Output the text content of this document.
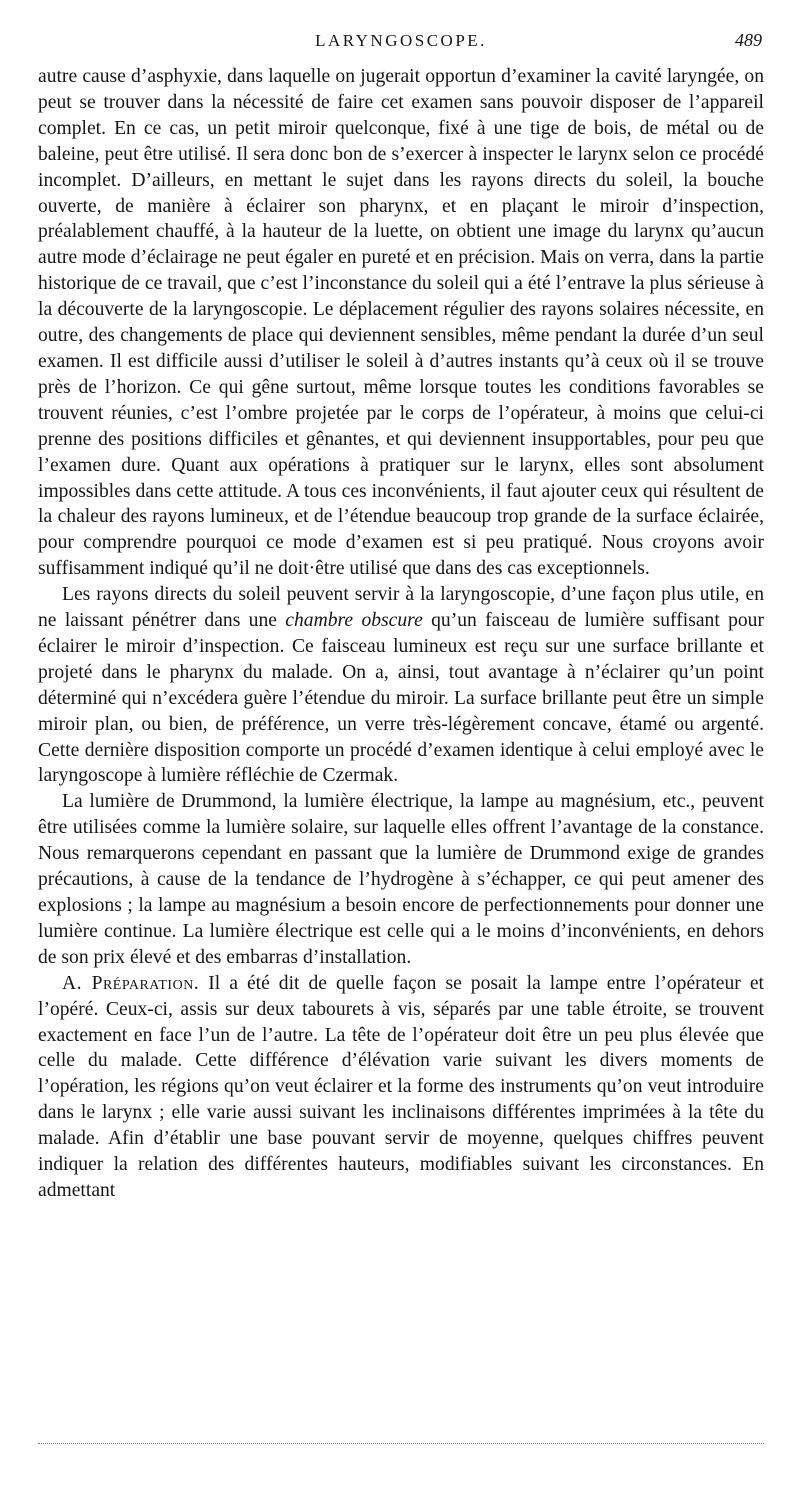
LARYNGOSCOPE.	489

autre cause d’asphyxie, dans laquelle on jugerait opportun d’examiner la cavité laryngée, on peut se trouver dans la nécessité de faire cet examen sans pouvoir disposer de l’appareil complet. En ce cas, un petit miroir quelconque, fixé à une tige de bois, de métal ou de baleine, peut être utilisé. Il sera donc bon de s’exercer à inspecter le larynx selon ce procédé incomplet. D’ailleurs, en mettant le sujet dans les rayons directs du soleil, la bouche ouverte, de manière à éclairer son pharynx, et en plaçant le miroir d’inspection, préalablement chauffé, à la hauteur de la luette, on obtient une image du larynx qu’aucun autre mode d’éclairage ne peut égaler en pureté et en précision. Mais on verra, dans la partie historique de ce travail, que c’est l’inconstance du soleil qui a été l’entrave la plus sérieuse à la découverte de la laryngoscopie. Le déplacement régulier des rayons solaires nécessite, en outre, des changements de place qui deviennent sensibles, même pendant la durée d’un seul examen. Il est difficile aussi d’utiliser le soleil à d’autres instants qu’à ceux où il se trouve près de l’horizon. Ce qui gêne surtout, même lorsque toutes les conditions favorables se trouvent réunies, c’est l’ombre projetée par le corps de l’opérateur, à moins que celui-ci prenne des positions difficiles et gênantes, et qui deviennent insupportables, pour peu que l’examen dure. Quant aux opérations à pratiquer sur le larynx, elles sont absolument impossibles dans cette attitude. A tous ces inconvénients, il faut ajouter ceux qui résultent de la chaleur des rayons lumineux, et de l’étendue beaucoup trop grande de la surface éclairée, pour comprendre pourquoi ce mode d’examen est si peu pratiqué. Nous croyons avoir suffisamment indiqué qu’il ne doit·être utilisé que dans des cas exceptionnels.

Les rayons directs du soleil peuvent servir à la laryngoscopie, d’une façon plus utile, en ne laissant pénétrer dans une chambre obscure qu’un faisceau de lumière suffisant pour éclairer le miroir d’inspection. Ce faisceau lumineux est reçu sur une surface brillante et projeté dans le pharynx du malade. On a, ainsi, tout avantage à n’éclairer qu’un point déterminé qui n’excédera guère l’étendue du miroir. La surface brillante peut être un simple miroir plan, ou bien, de préférence, un verre très-légèrement concave, étamé ou argenté. Cette dernière disposition comporte un procédé d’examen identique à celui employé avec le laryngoscope à lumière réfléchie de Czermak.

La lumière de Drummond, la lumière électrique, la lampe au magnésium, etc., peuvent être utilisées comme la lumière solaire, sur laquelle elles offrent l’avantage de la constance. Nous remarquerons cependant en passant que la lumière de Drummond exige de grandes précautions, à cause de la tendance de l’hydrogène à s’échapper, ce qui peut amener des explosions ; la lampe au magnésium a besoin encore de perfectionnements pour donner une lumière continue. La lumière électrique est celle qui a le moins d’inconvénients, en dehors de son prix élevé et des embarras d’installation.

A. Préparation. Il a été dit de quelle façon se posait la lampe entre l’opérateur et l’opéré. Ceux-ci, assis sur deux tabourets à vis, séparés par une table étroite, se trouvent exactement en face l’un de l’autre. La tête de l’opérateur doit être un peu plus élevée que celle du malade. Cette différence d’élévation varie suivant les divers moments de l’opération, les régions qu’on veut éclairer et la forme des instruments qu’on veut introduire dans le larynx ; elle varie aussi suivant les inclinaisons différentes imprimées à la tête du malade. Afin d’établir une base pouvant servir de moyenne, quelques chiffres peuvent indiquer la relation des différentes hauteurs, modifiables suivant les circonstances. En admettant
